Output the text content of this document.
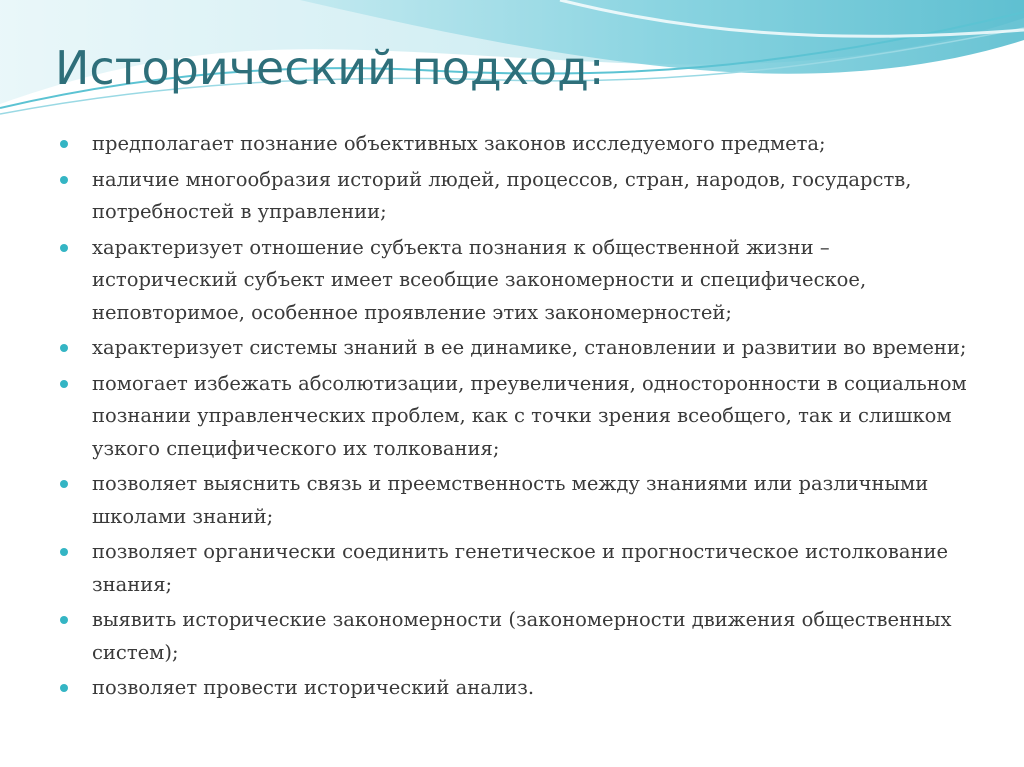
Исторический подход:
предполагает познание объективных законов исследуемого предмета;
наличие многообразия историй людей, процессов, стран, народов, государств, потребностей в управлении;
характеризует отношение субъекта познания к общественной жизни – исторический субъект имеет всеобщие закономерности и специфическое, неповторимое, особенное проявление этих закономерностей;
характеризует системы знаний в ее динамике, становлении и развитии во времени;
помогает избежать абсолютизации, преувеличения, односторонности в социальном познании управленческих проблем, как с точки зрения всеобщего, так и слишком узкого специфического их толкования;
позволяет выяснить связь и преемственность между знаниями или различными школами знаний;
позволяет органически соединить генетическое и прогностическое истолкование знания;
выявить исторические закономерности (закономерности движения общественных систем);
позволяет провести исторический анализ.
